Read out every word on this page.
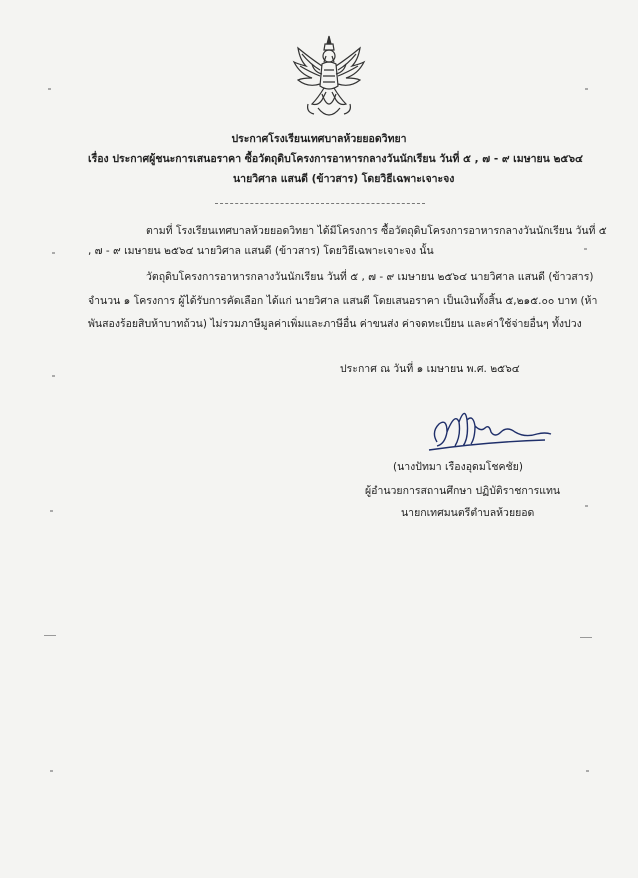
ประกาศโรงเรียนเทศบาลห้วยยอดวิทยา
เรื่อง ประกาศผู้ชนะการเสนอราคา ซื้อวัตถุดิบโครงการอาหารกลางวันนักเรียน วันที่ ๕ , ๗ - ๙ เมษายน ๒๕๖๔
นายวิศาล แสนดี (ข้าวสาร) โดยวิธีเฉพาะเจาะจง
ตามที่ โรงเรียนเทศบาลห้วยยอดวิทยา ได้มีโครงการ ซื้อวัตถุดิบโครงการอาหารกลางวันนักเรียน วันที่ ๕
, ๗ - ๙ เมษายน ๒๕๖๔ นายวิศาล แสนดี (ข้าวสาร) โดยวิธีเฉพาะเจาะจง นั้น
วัตถุดิบโครงการอาหารกลางวันนักเรียน วันที่ ๕ , ๗ - ๙ เมษายน ๒๕๖๔ นายวิศาล แสนดี (ข้าวสาร)
จำนวน ๑ โครงการ ผู้ได้รับการคัดเลือก ได้แก่ นายวิศาล แสนดี โดยเสนอราคา เป็นเงินทั้งสิ้น ๕,๒๑๕.๐๐ บาท (ห้า
พันสองร้อยสิบห้าบาทถ้วน) ไม่รวมภาษีมูลค่าเพิ่มและภาษีอื่น ค่าขนส่ง ค่าจดทะเบียน และค่าใช้จ่ายอื่นๆ ทั้งปวง
ประกาศ ณ วันที่ ๑ เมษายน พ.ศ. ๒๕๖๔
(นางปัทมา เรืองอุดมโชคชัย)
ผู้อำนวยการสถานศึกษา ปฏิบัติราชการแทน
นายกเทศมนตรีตำบลห้วยยอด
